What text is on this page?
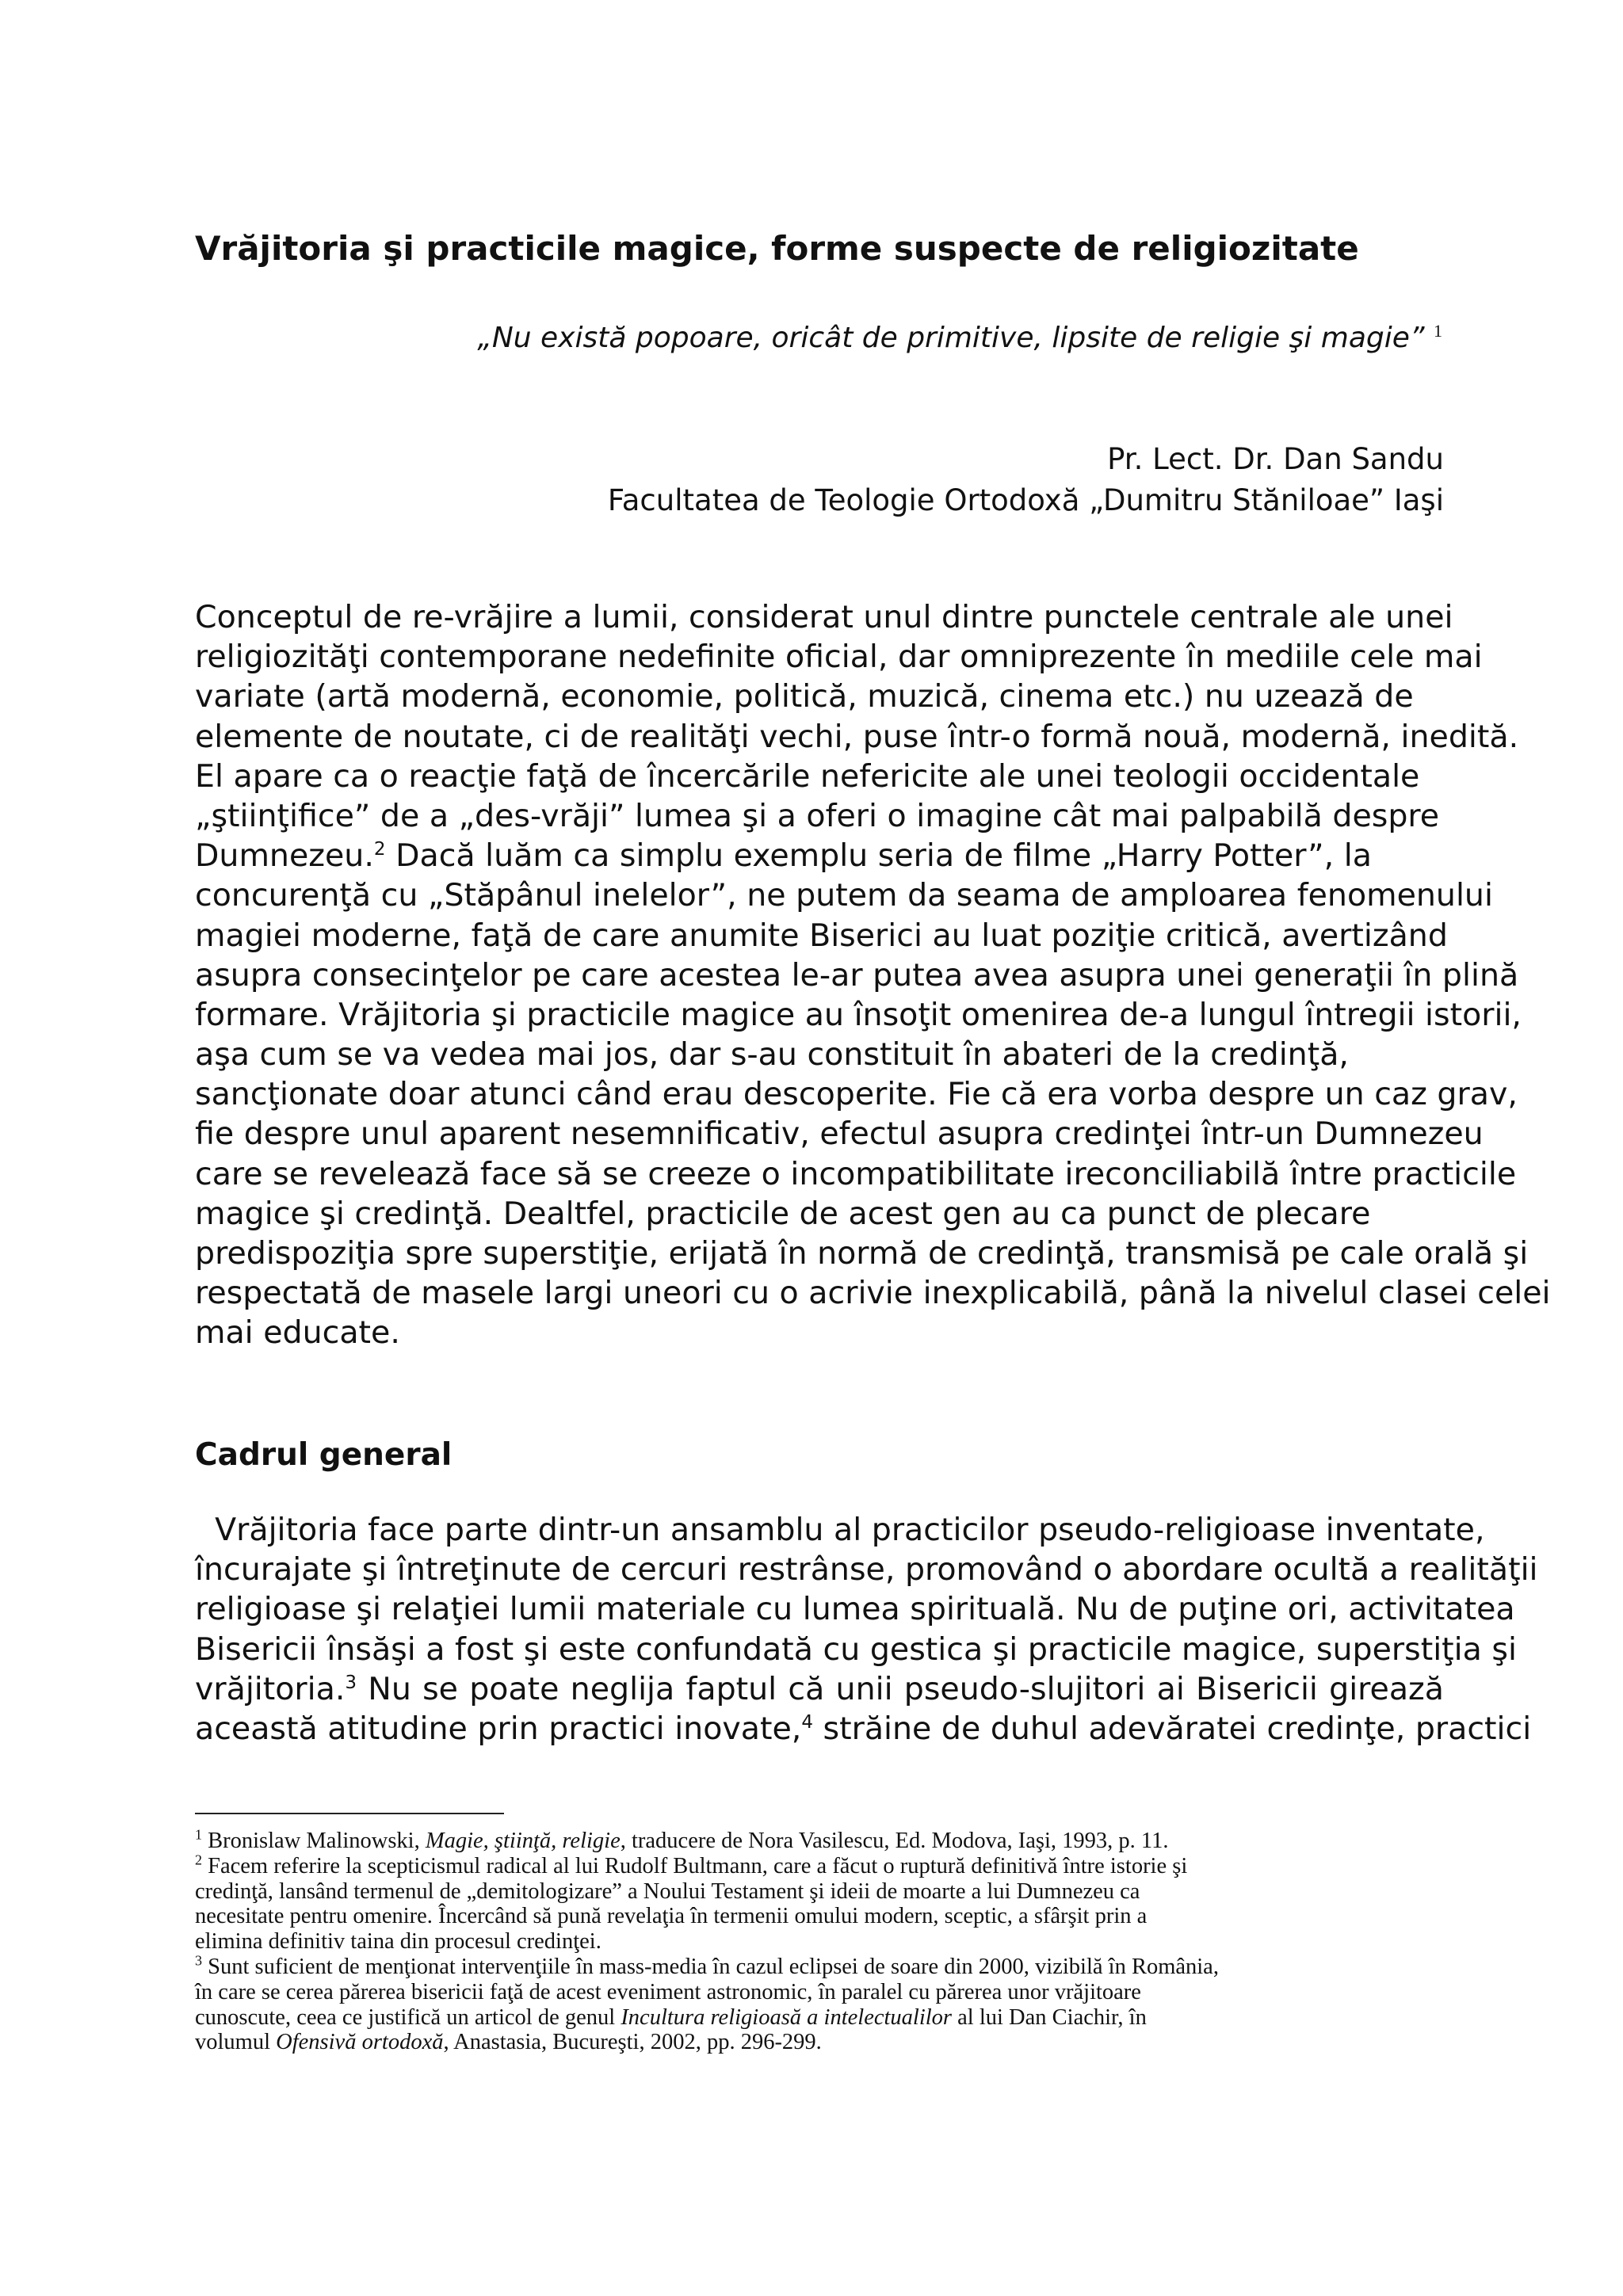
Vrăjitoria şi practicile magice, forme suspecte de religiozitate
„Nu există popoare, oricât de primitive, lipsite de religie şi magie” $^1$
Pr. Lect. Dr. Dan Sandu
Facultatea de Teologie Ortodoxă „Dumitru Stăniloae” Iaşi
Conceptul de re-vrăjire a lumii, considerat unul dintre punctele centrale ale unei
religiozităţi contemporane nedefinite oficial, dar omniprezente în mediile cele mai
variate (artă modernă, economie, politică, muzică, cinema etc.) nu uzează de
elemente de noutate, ci de realităţi vechi, puse într-o formă nouă, modernă, inedită.
El apare ca o reacţie faţă de încercările nefericite ale unei teologii occidentale
„ştiinţifice” de a „des-vrăji” lumea şi a oferi o imagine cât mai palpabilă despre
Dumnezeu.$^2$ Dacă luăm ca simplu exemplu seria de filme „Harry Potter”, la
concurenţă cu „Stăpânul inelelor”, ne putem da seama de amploarea fenomenului
magiei moderne, faţă de care anumite Biserici au luat poziţie critică, avertizând
asupra consecinţelor pe care acestea le-ar putea avea asupra unei generaţii în plină
formare. Vrăjitoria şi practicile magice au însoţit omenirea de-a lungul întregii istorii,
aşa cum se va vedea mai jos, dar s-au constituit în abateri de la credinţă,
sancţionate doar atunci când erau descoperite. Fie că era vorba despre un caz grav,
fie despre unul aparent nesemnificativ, efectul asupra credinţei într-un Dumnezeu
care se revelează face să se creeze o incompatibilitate ireconciliabilă între practicile
magice şi credinţă. Dealtfel, practicile de acest gen au ca punct de plecare
predispoziţia spre superstiţie, erijată în normă de credinţă, transmisă pe cale orală şi
respectată de masele largi uneori cu o acrivie inexplicabilă, până la nivelul clasei celei
mai educate.
Cadrul general
Vrăjitoria face parte dintr-un ansamblu al practicilor pseudo-religioase inventate,
încurajate şi întreţinute de cercuri restrânse, promovând o abordare ocultă a realităţii
religioase şi relaţiei lumii materiale cu lumea spirituală. Nu de puţine ori, activitatea
Bisericii însăşi a fost şi este confundată cu gestica şi practicile magice, superstiţia şi
vrăjitoria.$^3$ Nu se poate neglija faptul că unii pseudo-slujitori ai Bisericii girează
această atitudine prin practici inovate,$^4$ străine de duhul adevăratei credinţe, practici
$^1$ Bronislaw Malinowski, Magie, ştiinţă, religie, traducere de Nora Vasilescu, Ed. Modova, Iaşi, 1993, p. 11.
$^2$ Facem referire la scepticismul radical al lui Rudolf Bultmann, care a făcut o ruptură definitivă între istorie şi
credinţă, lansând termenul de „demitologizare” a Noului Testament şi ideii de moarte a lui Dumnezeu ca
necesitate pentru omenire. Încercând să pună revelaţia în termenii omului modern, sceptic, a sfârşit prin a
elimina definitiv taina din procesul credinţei.
$^3$ Sunt suficient de menţionat intervenţiile în mass-media în cazul eclipsei de soare din 2000, vizibilă în România,
în care se cerea părerea bisericii faţă de acest eveniment astronomic, în paralel cu părerea unor vrăjitoare
cunoscute, ceea ce justifică un articol de genul Incultura religioasă a intelectualilor al lui Dan Ciachir, în
volumul Ofensivă ortodoxă, Anastasia, Bucureşti, 2002, pp. 296-299.
